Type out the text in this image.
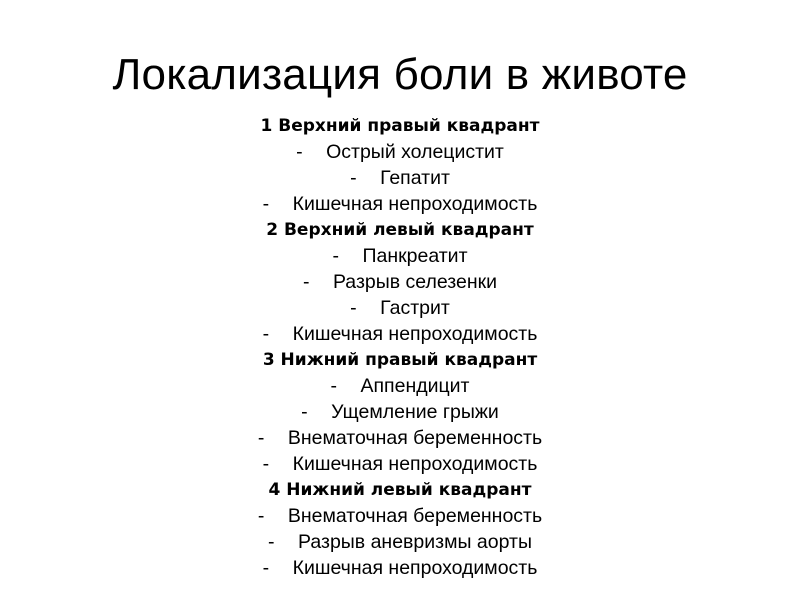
Локализация боли в животе
1 Верхний правый квадрант
- Острый холецистит
- Гепатит
- Кишечная непроходимость
2 Верхний левый квадрант
- Панкреатит
- Разрыв селезенки
- Гастрит
- Кишечная непроходимость
3 Нижний правый квадрант
- Аппендицит
- Ущемление грыжи
- Внематочная беременность
- Кишечная непроходимость
4 Нижний левый квадрант
- Внематочная беременность
- Разрыв аневризмы аорты
- Кишечная непроходимость
